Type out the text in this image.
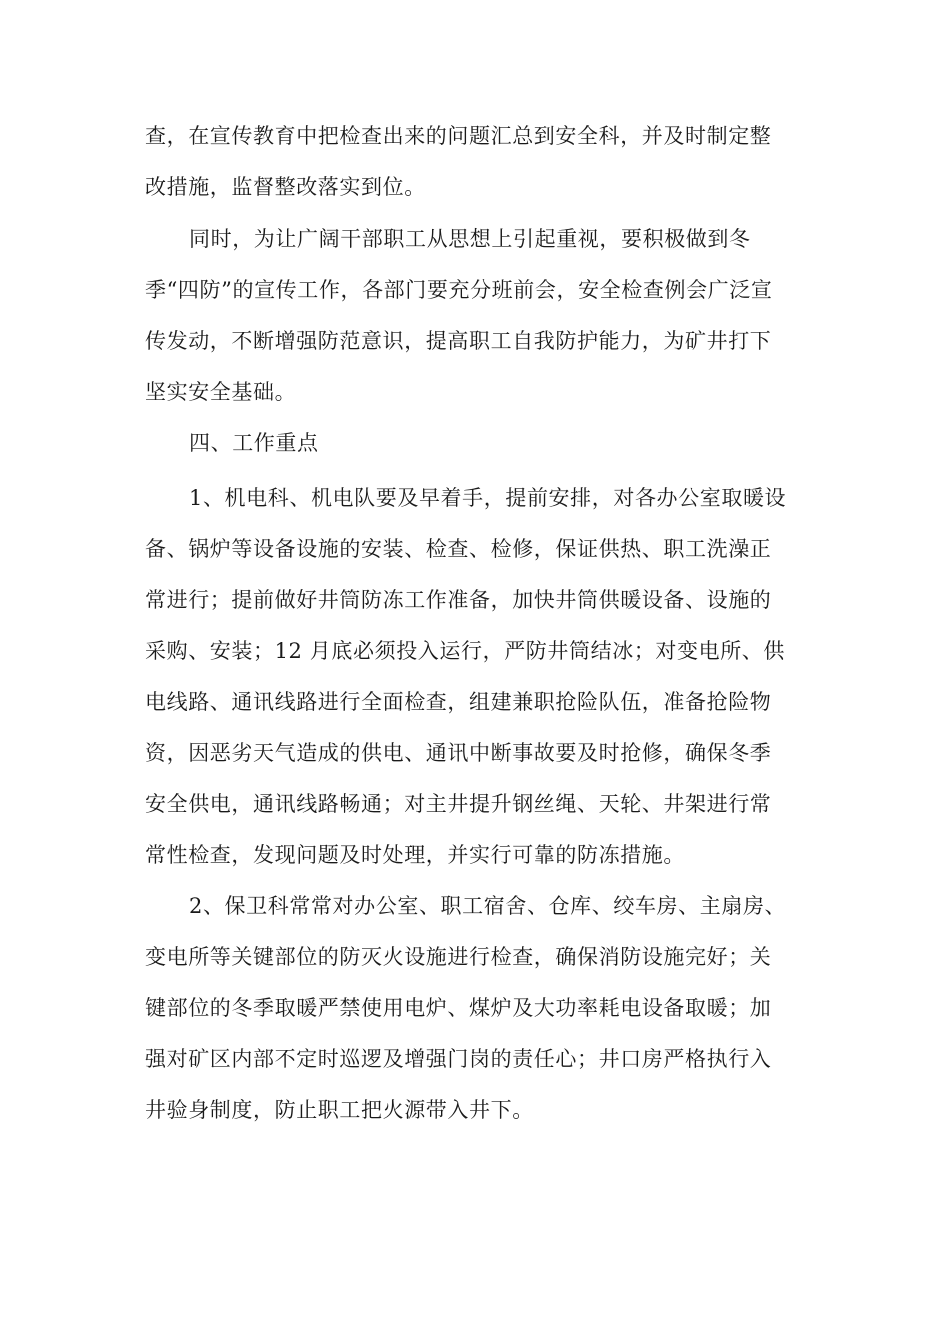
查，在宣传教育中把检查出来的问题汇总到安全科，并及时制定整
改措施，监督整改落实到位。
同时，为让广阔干部职工从思想上引起重视，要积极做到冬
季“四防”的宣传工作，各部门要充分班前会，安全检查例会广泛宣
传发动，不断增强防范意识，提高职工自我防护能力，为矿井打下
坚实安全基础。
四、工作重点
1、机电科、机电队要及早着手，提前安排，对各办公室取暖设
备、锅炉等设备设施的安装、检查、检修，保证供热、职工洗澡正
常进行；提前做好井筒防冻工作准备，加快井筒供暖设备、设施的
采购、安装；12 月底必须投入运行，严防井筒结冰；对变电所、供
电线路、通讯线路进行全面检查，组建兼职抢险队伍，准备抢险物
资，因恶劣天气造成的供电、通讯中断事故要及时抢修，确保冬季
安全供电，通讯线路畅通；对主井提升钢丝绳、天轮、井架进行常
常性检查，发现问题及时处理，并实行可靠的防冻措施。
2、保卫科常常对办公室、职工宿舍、仓库、绞车房、主扇房、
变电所等关键部位的防灭火设施进行检查，确保消防设施完好；关
键部位的冬季取暖严禁使用电炉、煤炉及大功率耗电设备取暖；加
强对矿区内部不定时巡逻及增强门岗的责任心；井口房严格执行入
井验身制度，防止职工把火源带入井下。
